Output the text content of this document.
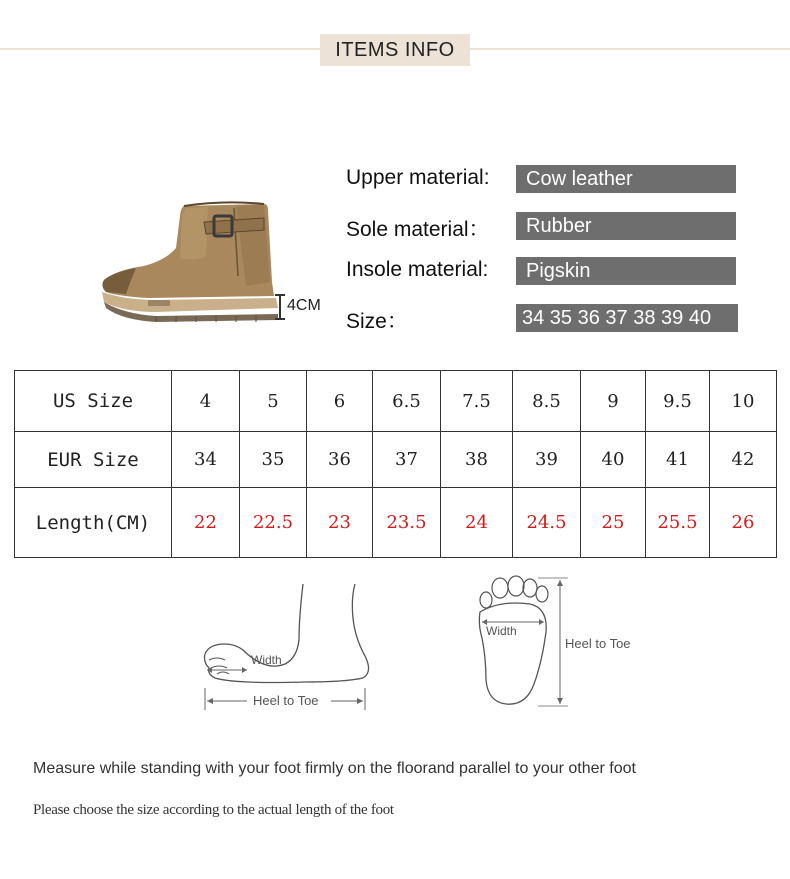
ITEMS INFO
4CM
Upper material:	Cow leather
Sole material：	Rubber
Insole material:	Pigskin
Size：	34 35 36 37 38 39 40
US Size	4	5	6	6.5	7.5	8.5	9	9.5	10
EUR Size	34	35	36	37	38	39	40	41	42
Length(CM)	22	22.5	23	23.5	24	24.5	25	25.5	26
Width
Heel to Toe
Width
Heel to Toe
Measure while standing with your foot firmly on the floorand parallel to your other foot
Please choose the size according to the actual length of the foot
